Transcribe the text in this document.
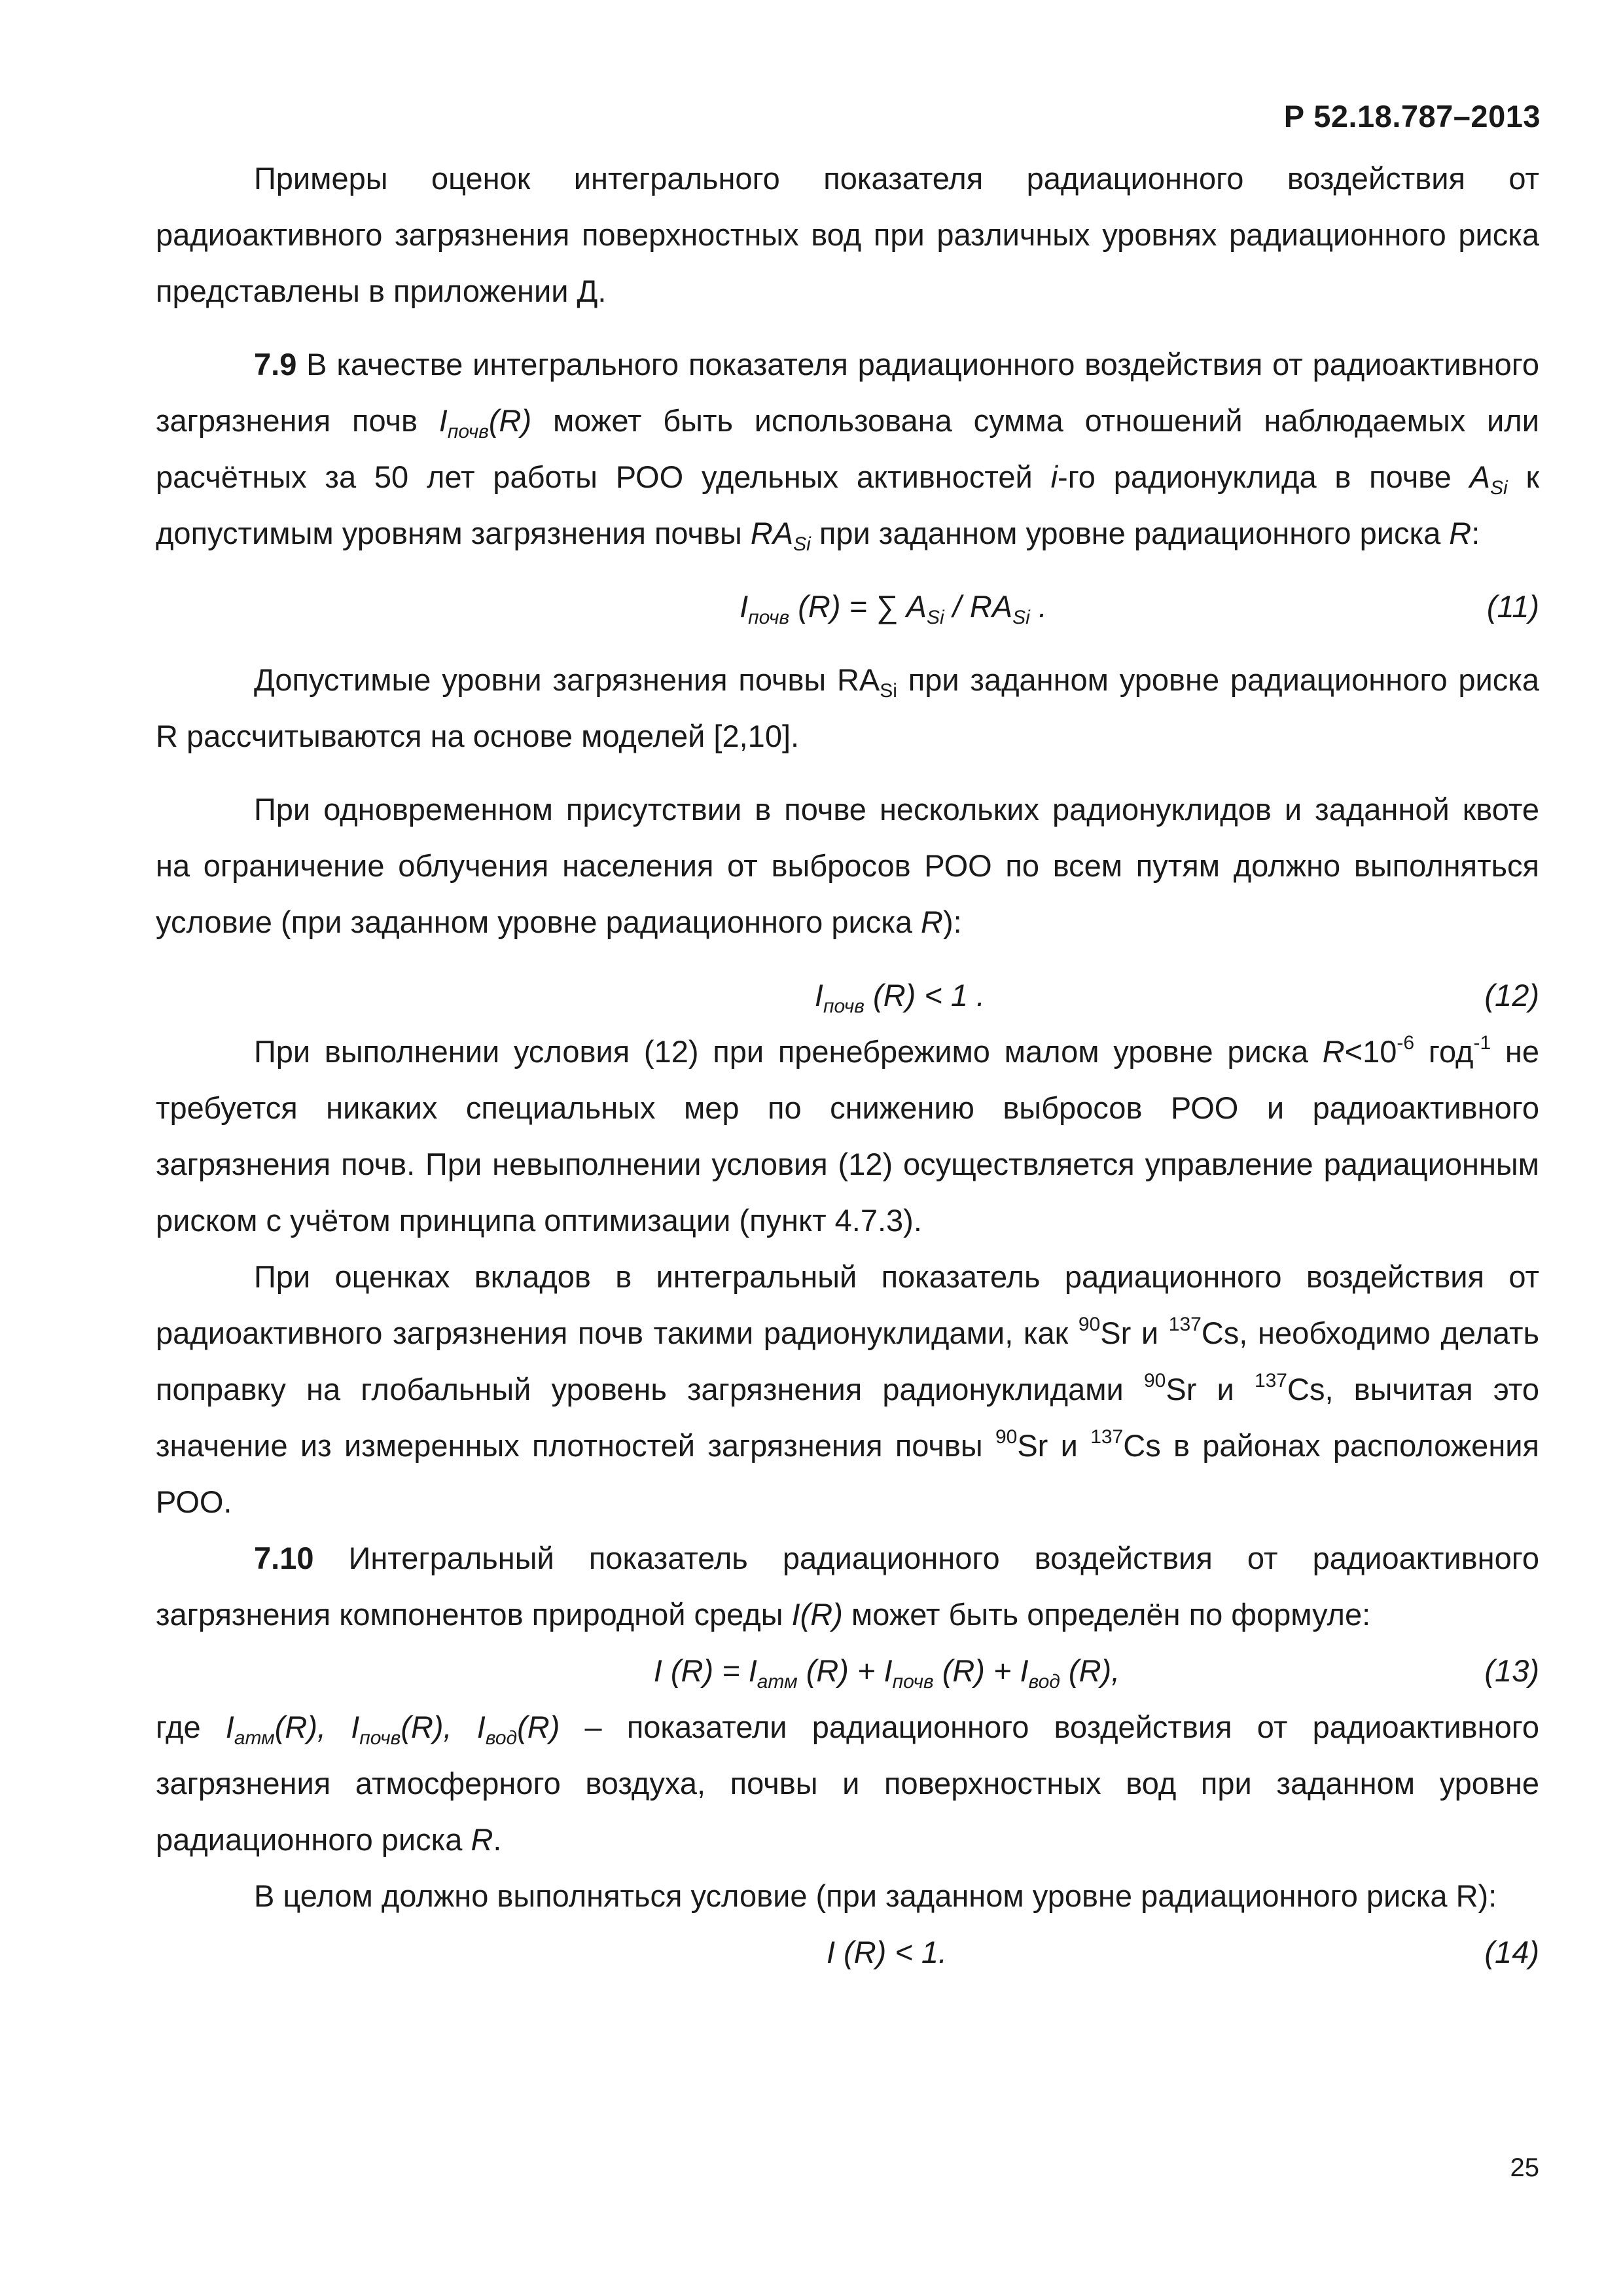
Р 52.18.787–2013

Примеры оценок интегрального показателя радиационного воздействия от радиоактивного загрязнения поверхностных вод при различных уровнях радиационного риска представлены в приложении Д.

7.9 В качестве интегрального показателя радиационного воздействия от радиоактивного загрязнения почв $I_{почв}(R)$ может быть использована сумма отношений наблюдаемых или расчётных за 50 лет работы РОО удельных активностей i-го радионуклида в почве $A_{Si}$ к допустимым уровням загрязнения почвы $RA_{Si}$ при заданном уровне радиационного риска R:

$I_{почв}$ (R) = ∑ $A_{Si} / RA_{Si}$ .	(11)

Допустимые уровни загрязнения почвы $RA_{Si}$ при заданном уровне радиационного риска R рассчитываются на основе моделей [2,10].

При одновременном присутствии в почве нескольких радионуклидов и заданной квоте на ограничение облучения населения от выбросов РОО по всем путям должно выполняться условие (при заданном уровне радиационного риска R):

$I_{почв}$ (R) < 1 .	(12)

При выполнении условия (12) при пренебрежимо малом уровне риска $R<10^{-6}$ год$^{-1}$ не требуется никаких специальных мер по снижению выбросов РОО и радиоактивного загрязнения почв. При невыполнении условия (12) осуществляется управление радиационным риском с учётом принципа оптимизации (пункт 4.7.3).

При оценках вкладов в интегральный показатель радиационного воздействия от радиоактивного загрязнения почв такими радионуклидами, как $^{90}$Sr и $^{137}$Cs, необходимо делать поправку на глобальный уровень загрязнения радионуклидами $^{90}$Sr и $^{137}$Cs, вычитая это значение из измеренных плотностей загрязнения почвы $^{90}$Sr и $^{137}$Cs в районах расположения РОО.

7.10 Интегральный показатель радиационного воздействия от радиоактивного загрязнения компонентов природной среды I(R) может быть определён по формуле:

I $(R) = I_{атм}$ $(R) + I_{почв}$ $(R) + I_{вод}$ (R),	(13)

где $I_{атм}(R)$, $I_{почв}(R)$, $I_{вод}(R)$ – показатели радиационного воздействия от радиоактивного загрязнения атмосферного воздуха, почвы и поверхностных вод при заданном уровне радиационного риска R.

В целом должно выполняться условие (при заданном уровне радиационного риска R):

I (R) < 1.	(14)
25
